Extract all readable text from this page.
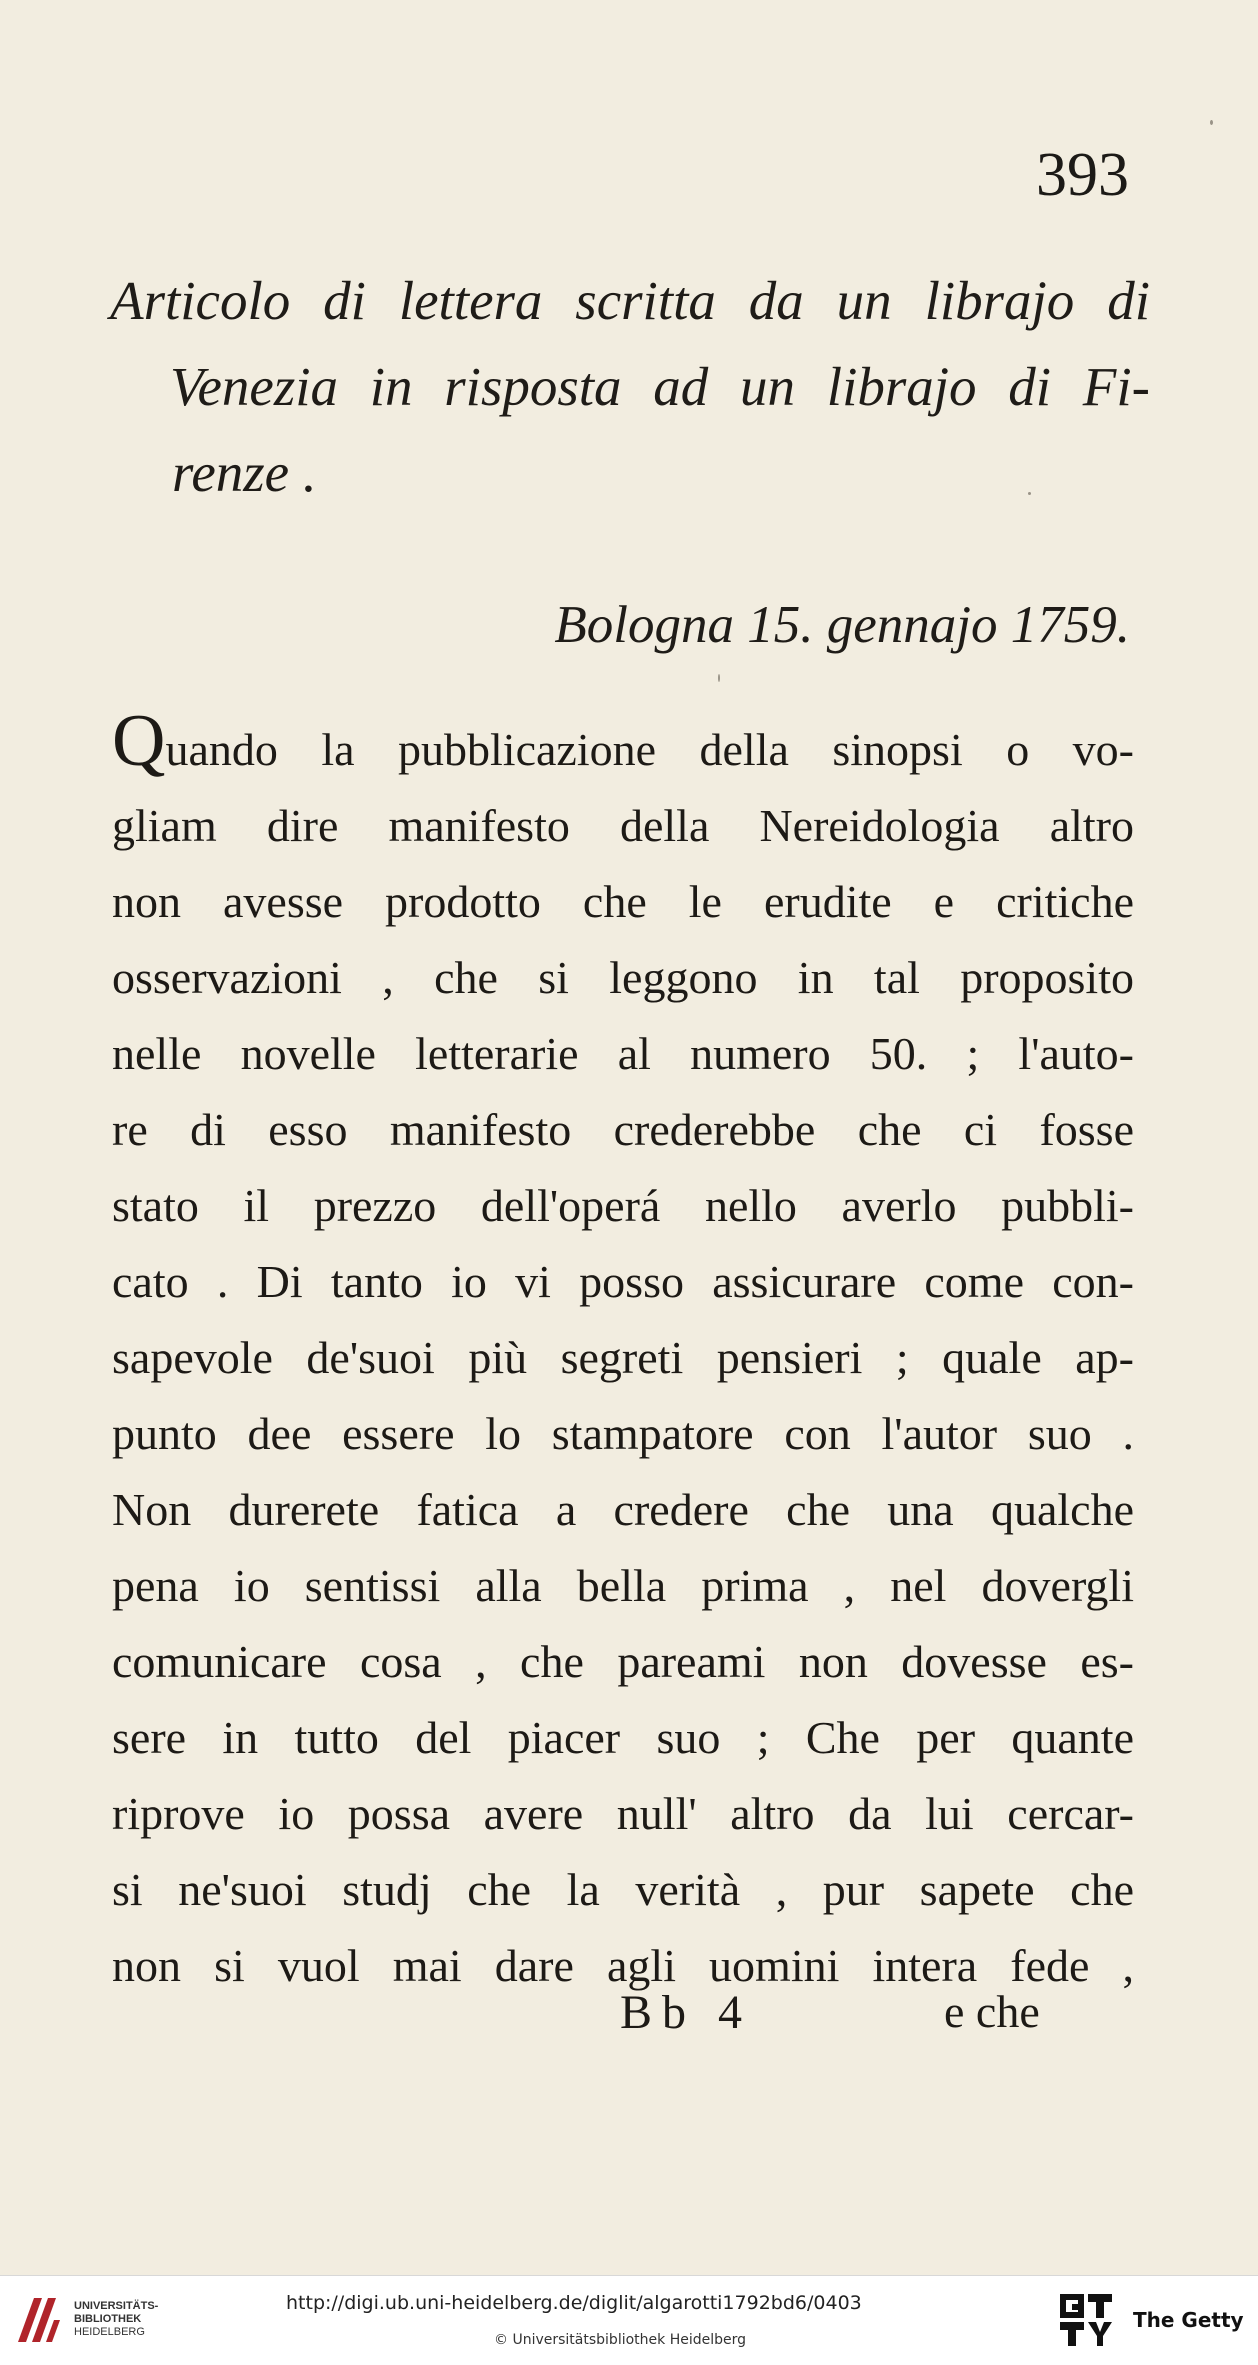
393
Articolo di lettera scritta da un librajo di
Venezia in risposta ad un librajo di Fi-
renze .
Bologna 15. gennajo 1759.
Quando la pubblicazione della sinopsi o vo-
gliam dire manifesto della Nereidologia altro
non avesse prodotto che le erudite e critiche
osservazioni , che si leggono in tal proposito
nelle novelle letterarie al numero 50. ; l'auto-
re di esso manifesto crederebbe che ci fosse
stato il prezzo dell'operá nello averlo pubbli-
cato . Di tanto io vi posso assicurare come con-
sapevole de'suoi più segreti pensieri ; quale ap-
punto dee essere lo stampatore con l'autor suo .
Non durerete fatica a credere che una qualche
pena io sentissi alla bella prima , nel dovergli
comunicare cosa , che pareami non dovesse es-
sere in tutto del piacer suo ; Che per quante
riprove io possa avere null' altro da lui cercar-
si ne'suoi studj che la verità , pur sapete che
non si vuol mai dare agli uomini intera fede ,
Bb 4	e che
UNIVERSITÄTS-
BIBLIOTHEK
HEIDELBERG
http://digi.ub.uni-heidelberg.de/diglit/algarotti1792bd6/0403
© Universitätsbibliothek Heidelberg
The Getty
